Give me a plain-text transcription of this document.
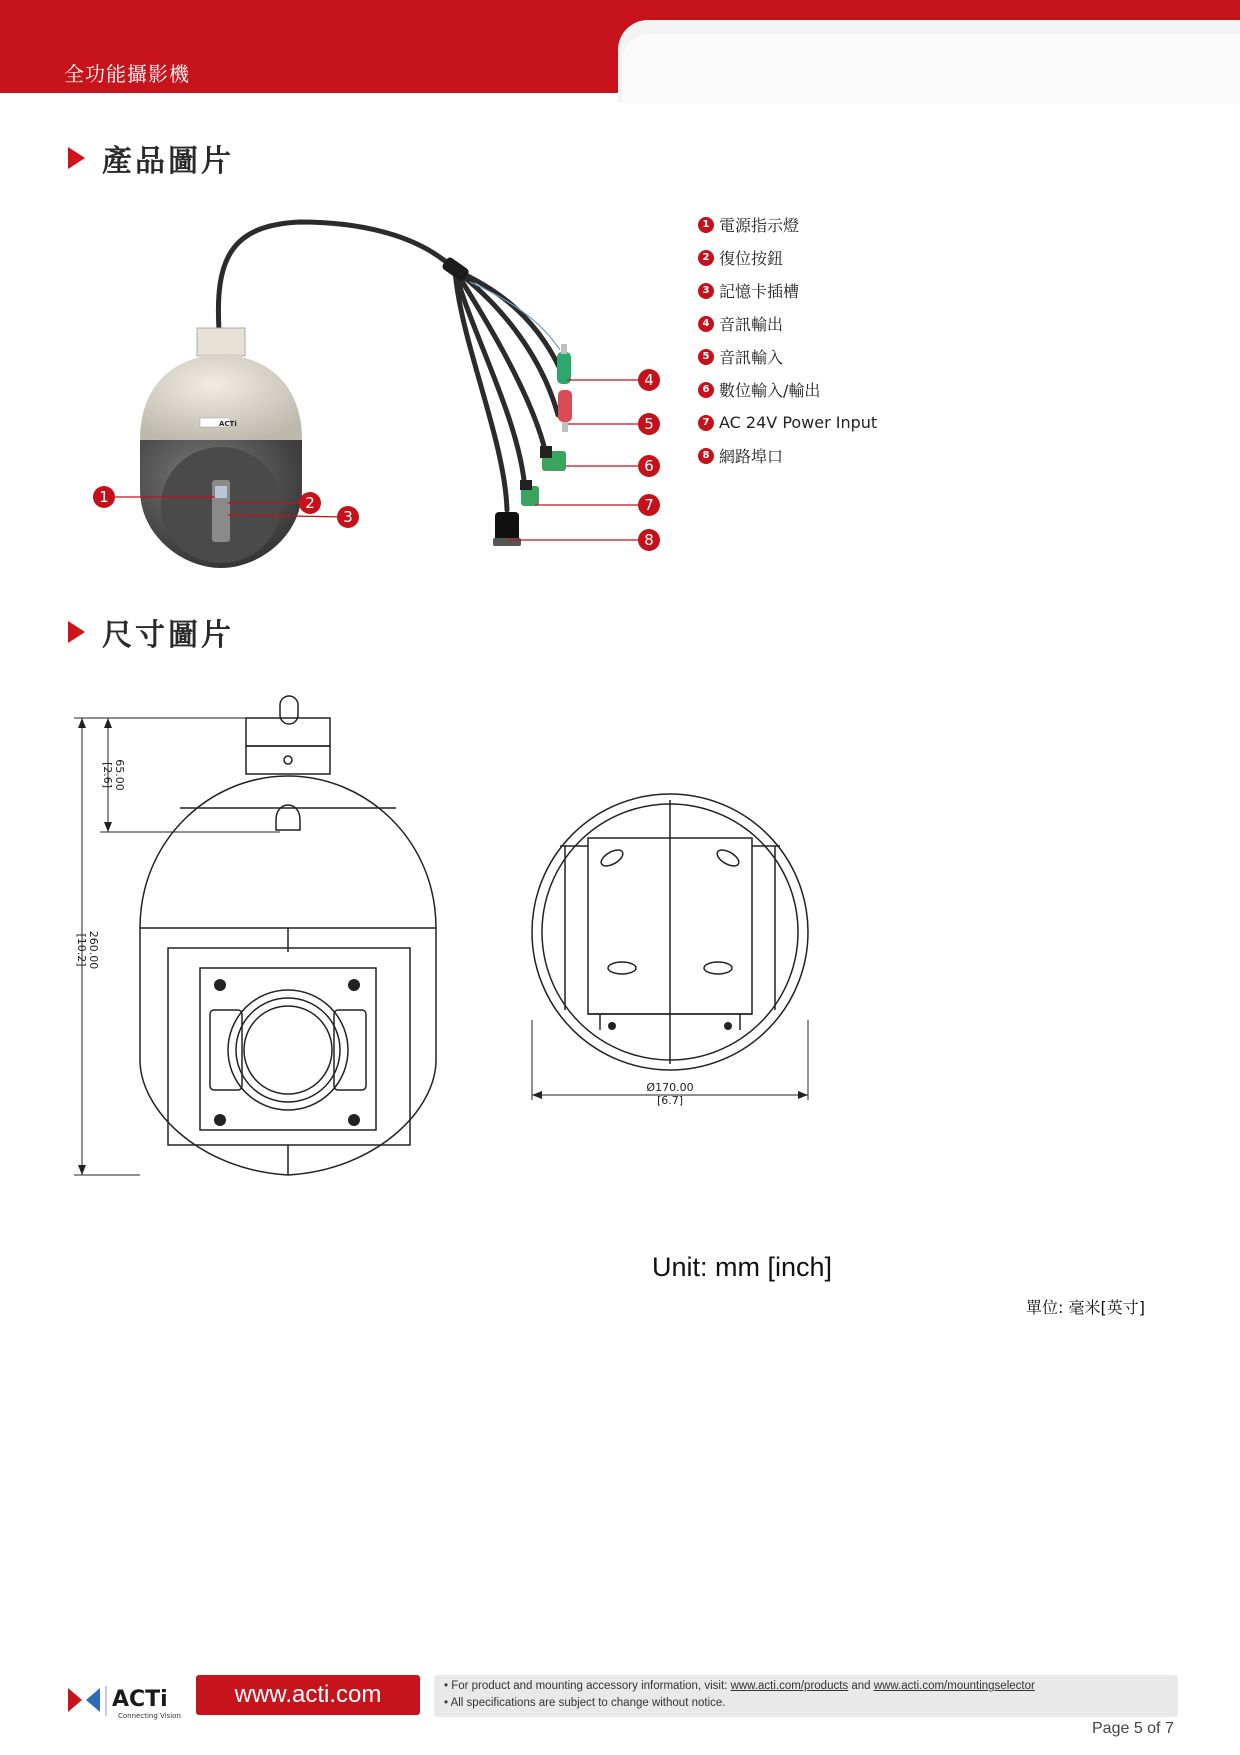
全功能攝影機
產品圖片
ACTi
1	2
3
4
5
6
7
8
1 電源指示燈
2 復位按鈕
3 記憶卡插槽
4 音訊輸出
5 音訊輸入
6 數位輸入/輸出
7 AC 24V Power Input
8 網路埠口
尺寸圖片
65.00
[2.6]
260.00
[10.2]
Ø170.00
[6.7]
Unit: mm [inch]
單位: 毫米[英寸]
ACTi
Connecting Vision
www.acti.com	• For product and mounting accessory information, visit: www.acti.com/products and www.acti.com/mountingselector
• All specifications are subject to change without notice.
Page 5 of 7
